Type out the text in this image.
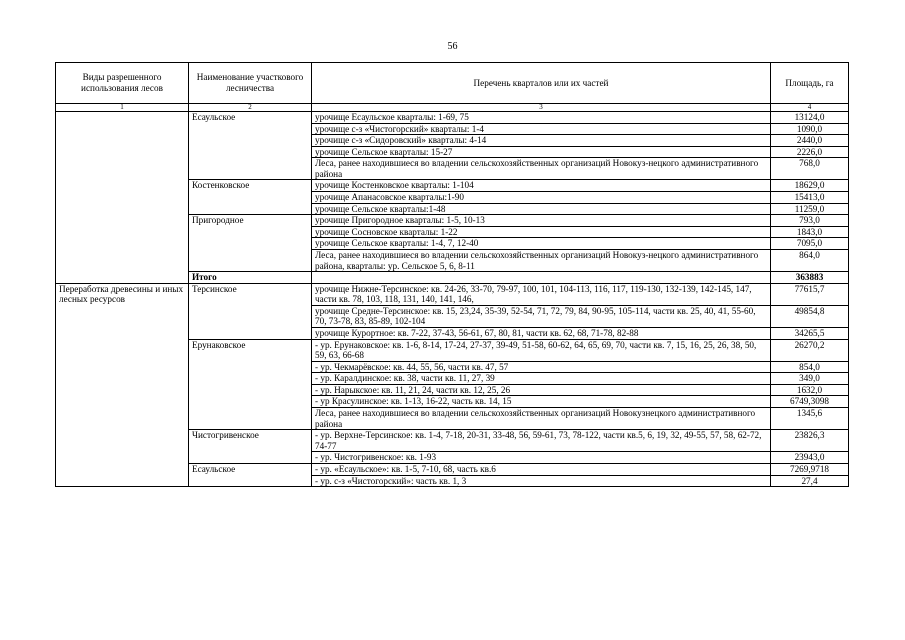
56
Виды разрешенного использования лесов	Наименование участкового лесничества	Перечень кварталов или их частей	Площадь, га
1	2	3	4
	Есаульское	урочище Есаульское кварталы: 1-69, 75	13124,0
		урочище с-з «Чистогорский» кварталы: 1-4	1090,0
		урочище с-з «Сидоровский» кварталы: 4-14	2440,0
		урочище Сельское кварталы: 15-27	2226,0
		Леса, ранее находившиеся во владении сельскохозяйственных организаций Новокуз-нецкого административного района	768,0
	Костенковское	урочище Костенковское кварталы: 1-104	18629,0
		урочище Апанасовское кварталы:1-90	15413,0
		урочище Сельское кварталы:1-48	11259,0
	Пригородное	урочище Пригородное кварталы: 1-5, 10-13	793,0
		урочище Сосновское кварталы: 1-22	1843,0
		урочище Сельское кварталы: 1-4, 7, 12-40	7095,0
		Леса, ранее находившиеся во владении сельскохозяйственных организаций Новокуз-нецкого административного района, кварталы: ур. Сельское 5, 6, 8-11	864,0
	Итого		363883
Переработка древесины и иных лесных ресурсов	Терсинское	урочище Нижне-Терсинское: кв. 24-26, 33-70, 79-97, 100, 101, 104-113, 116, 117, 119-130, 132-139, 142-145, 147, части кв. 78, 103, 118, 131, 140, 141, 146,	77615,7
		урочище Средне-Терсинское: кв. 15, 23,24, 35-39, 52-54, 71, 72, 79, 84, 90-95, 105-114, части кв. 25, 40, 41, 55-60, 70, 73-78, 83, 85-89, 102-104	49854,8
		урочище Курортное: кв. 7-22, 37-43, 56-61, 67, 80, 81, части кв. 62, 68, 71-78, 82-88	34265,5
	Ерунаковское	- ур. Ерунаковское: кв. 1-6, 8-14, 17-24, 27-37, 39-49, 51-58, 60-62, 64, 65, 69, 70, части кв. 7, 15, 16, 25, 26, 38, 50, 59, 63, 66-68	26270,2
		- ур. Чекмарёвское: кв. 44, 55, 56, части кв. 47, 57	854,0
		- ур. Каралдинское: кв. 38, части кв. 11, 27, 39	349,0
		- ур. Нарыкское: кв. 11, 21, 24, части кв. 12, 25, 26	1632,0
		- ур Красулинское: кв. 1-13, 16-22, часть кв. 14, 15	6749,3098
		Леса, ранее находившиеся во владении сельскохозяйственных организаций Новокузнецкого административного района	1345,6
	Чистогривенское	- ур. Верхне-Терсинское: кв. 1-4, 7-18, 20-31, 33-48, 56, 59-61, 73, 78-122, части кв.5, 6, 19, 32, 49-55, 57, 58, 62-72, 74-77	23826,3
		- ур. Чистогривенское: кв. 1-93	23943,0
	Есаульское	- ур. «Есаульское»: кв. 1-5, 7-10, 68, часть кв.6	7269,9718
		- ур. с-з «Чистогорский»: часть кв. 1, 3	27,4
